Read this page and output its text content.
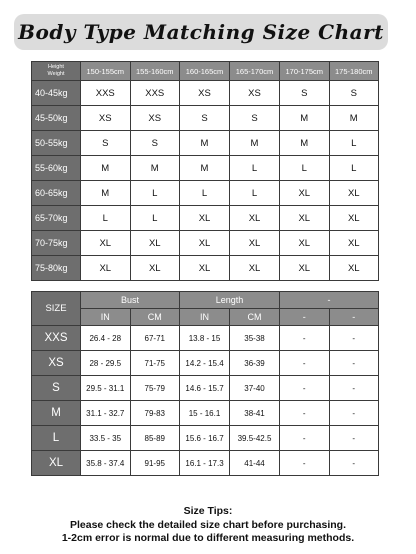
Body Type Matching Size Chart
Height
Weight	150-155cm	155-160cm	160-165cm	165-170cm	170-175cm	175-180cm
40-45kg	XXS	XXS	XS	XS	S	S
45-50kg	XS	XS	S	S	M	M
50-55kg	S	S	M	M	M	L
55-60kg	M	M	M	L	L	L
60-65kg	M	L	L	L	XL	XL
65-70kg	L	L	XL	XL	XL	XL
70-75kg	XL	XL	XL	XL	XL	XL
75-80kg	XL	XL	XL	XL	XL	XL
SIZE	Bust		Length		-	
	IN	CM	IN	CM	-	-
XXS	26.4 - 28	67-71	13.8 - 15	35-38	-	-
XS	28 - 29.5	71-75	14.2 - 15.4	36-39	-	-
S	29.5 - 31.1	75-79	14.6 - 15.7	37-40	-	-
M	31.1 - 32.7	79-83	15 - 16.1	38-41	-	-
L	33.5 - 35	85-89	15.6 - 16.7	39.5-42.5	-	-
XL	35.8 - 37.4	91-95	16.1 - 17.3	41-44	-	-
Size Tips:
Please check the detailed size chart before purchasing.
1-2cm error is normal due to different measuring methods.
